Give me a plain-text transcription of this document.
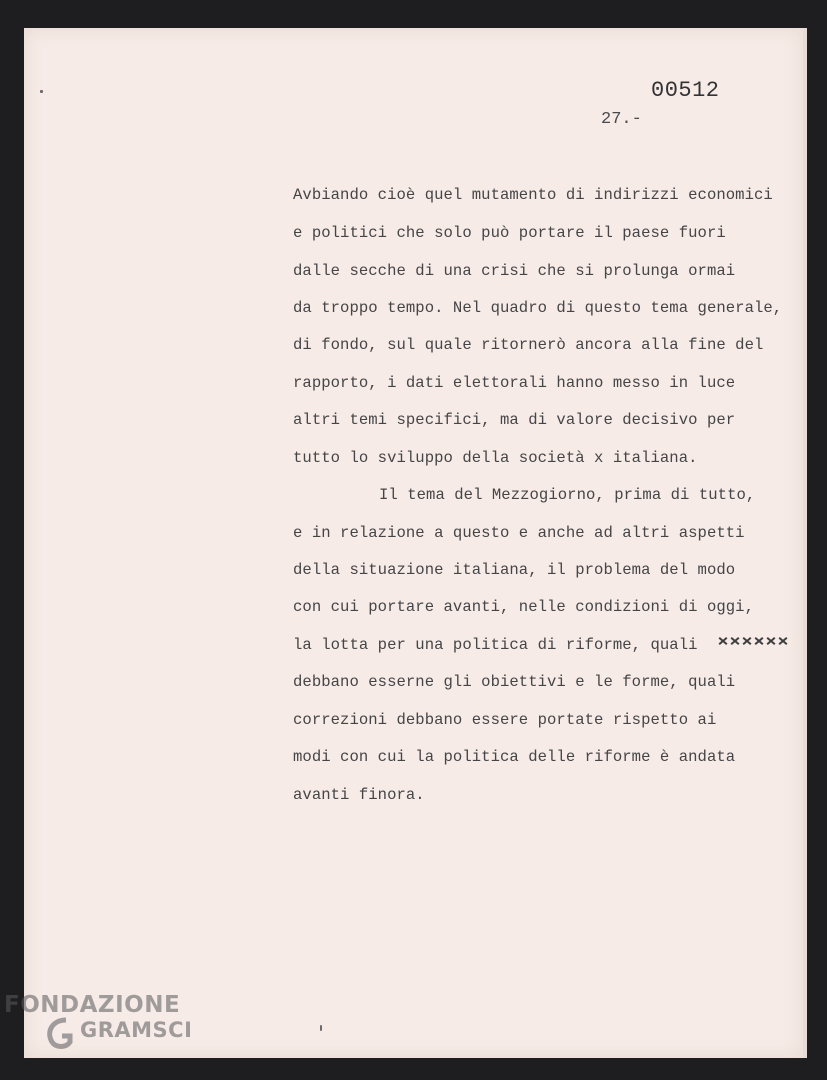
00512
27.-
Avbiando cioè quel mutamento di indirizzi economici
e politici che solo può portare il paese fuori
dalle secche di una crisi che si prolunga ormai
da troppo tempo. Nel quadro di questo tema generale,
di fondo, sul quale ritornerò ancora alla fine del
rapporto, i dati elettorali hanno messo in luce
altri temi specifici, ma di valore decisivo per
tutto lo sviluppo della società x italiana.
Il tema del Mezzogiorno, prima di tutto,
e in relazione a questo e anche ad altri aspetti
della situazione italiana, il problema del modo
con cui portare avanti, nelle condizioni di oggi,
la lotta per una politica di riforme, quali
debbano esserne gli obiettivi e le forme, quali
correzioni debbano essere portate rispetto ai
modi con cui la politica delle riforme è andata
avanti finora.
FONDAZIONE
GRAMSCI
